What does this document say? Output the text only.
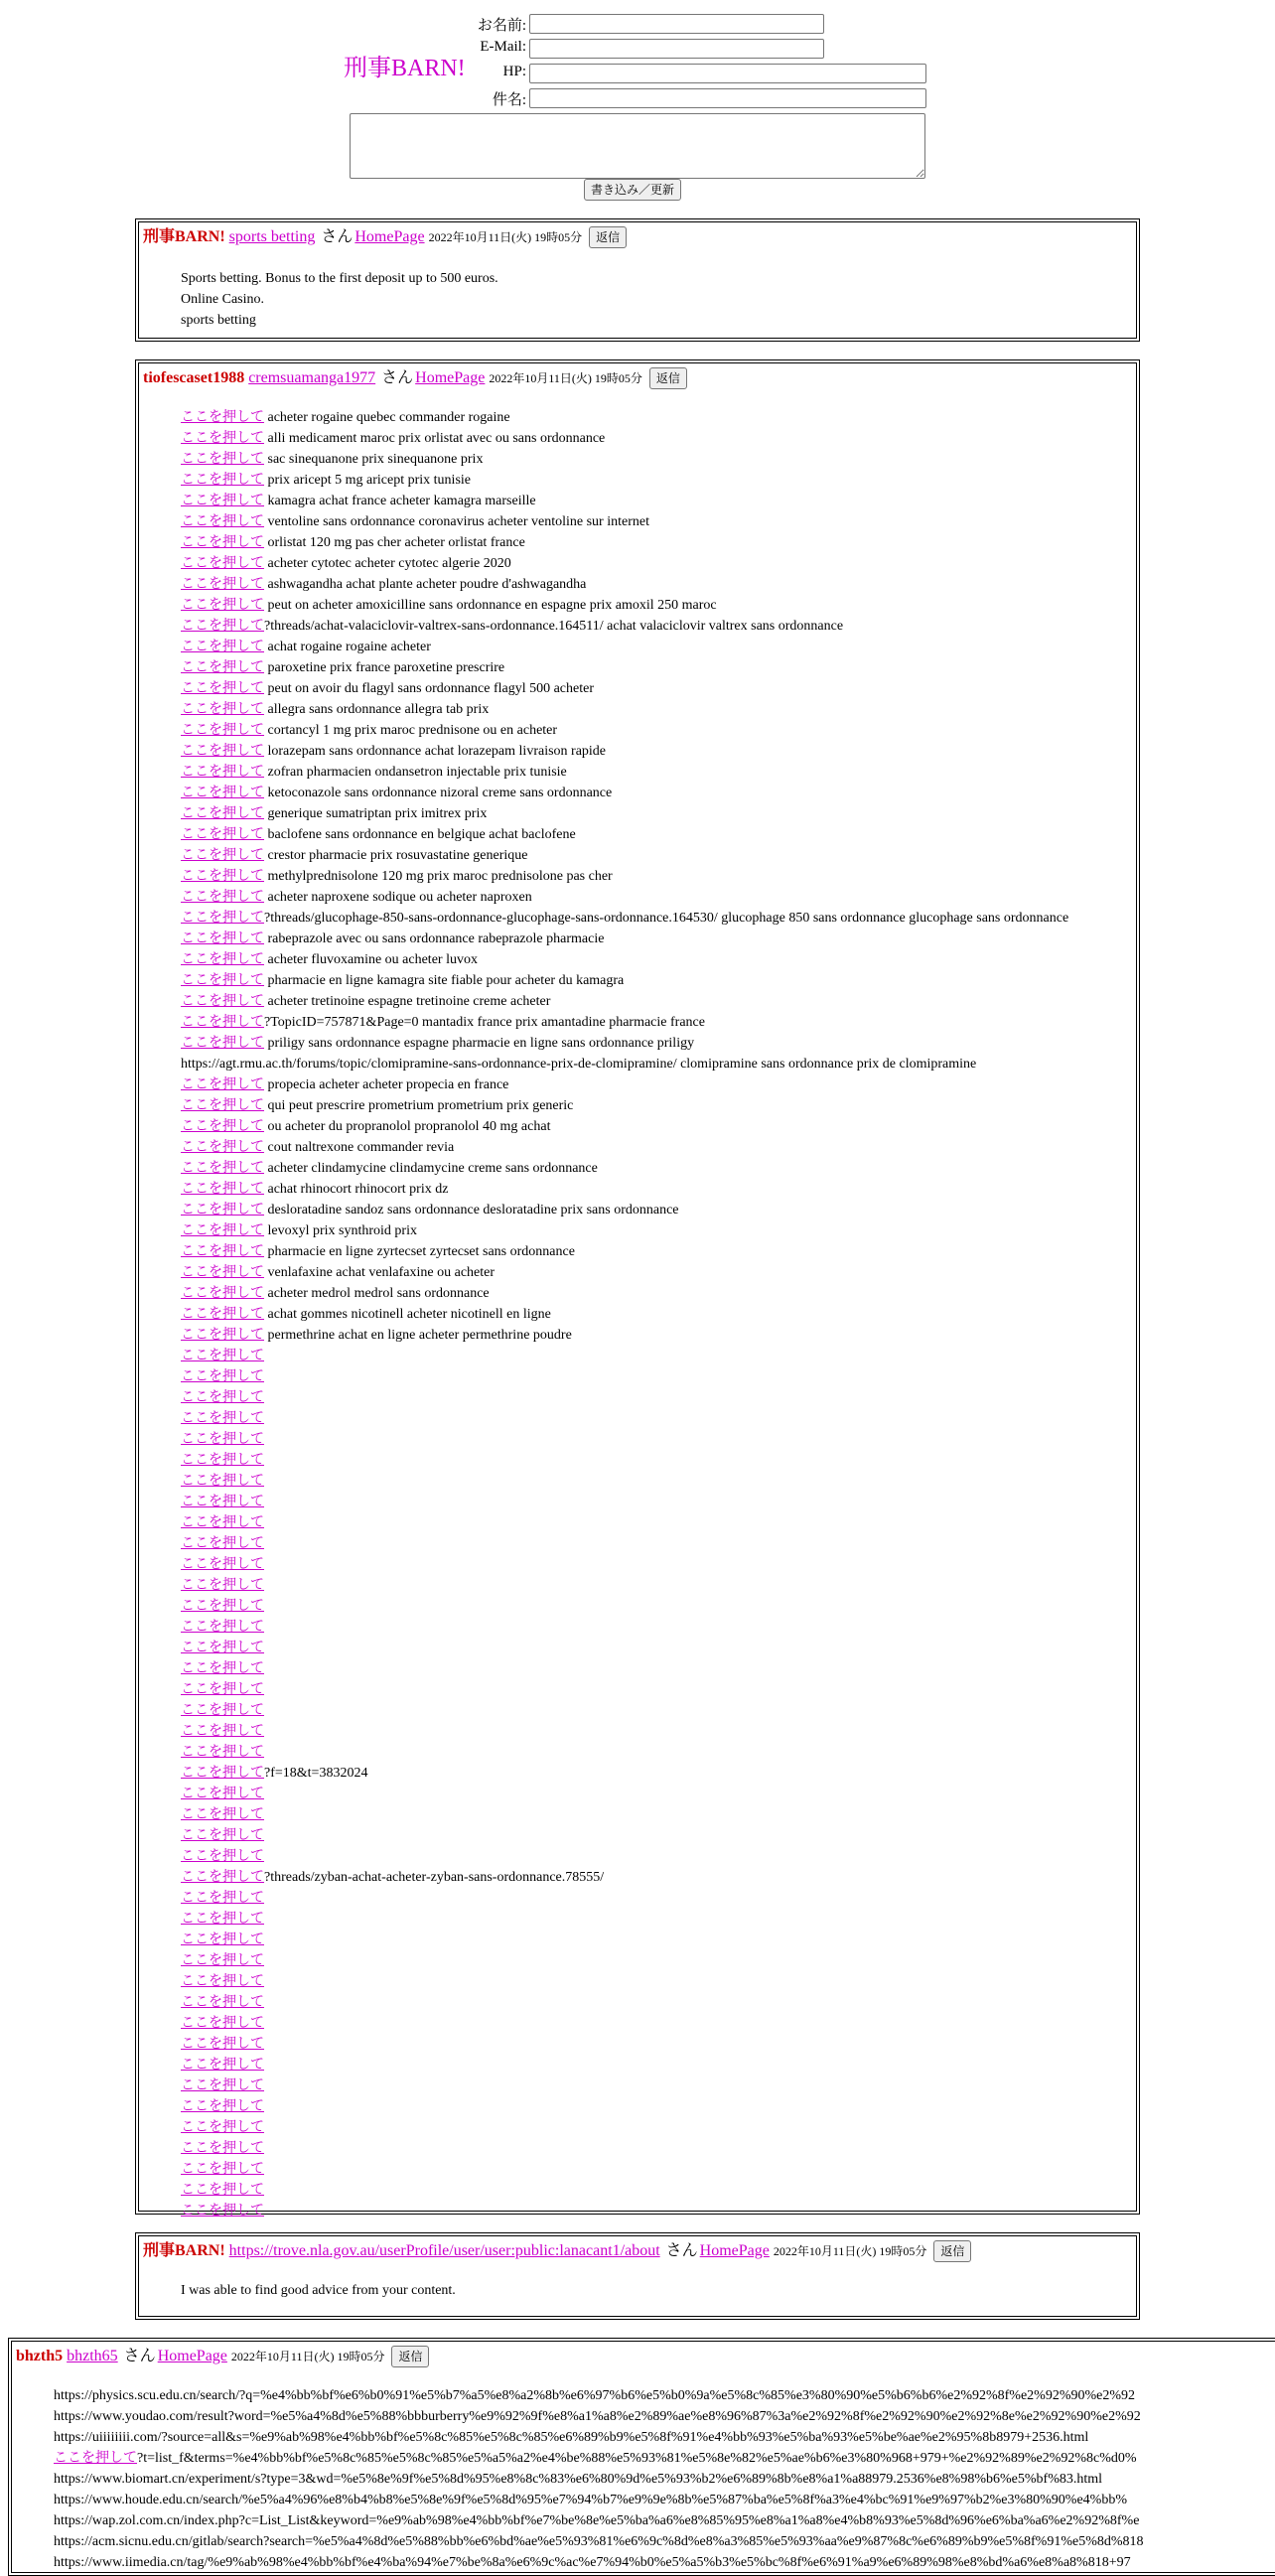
刑事BARN!
お名前:
E-Mail:
HP:
件名:
書き込み／更新
刑事BARN! sports betting さん HomePage 2022年10月11日(火) 19時05分 返信
Sports betting. Bonus to the first deposit up to 500 euros.
Online Casino.
sports betting
tiofescaset1988 cremsuamanga1977 さん HomePage 2022年10月11日(火) 19時05分 返信
ここを押して acheter rogaine quebec commander rogaine
ここを押して alli medicament maroc prix orlistat avec ou sans ordonnance
ここを押して sac sinequanone prix sinequanone prix
ここを押して prix aricept 5 mg aricept prix tunisie
ここを押して kamagra achat france acheter kamagra marseille
ここを押して ventoline sans ordonnance coronavirus acheter ventoline sur internet
ここを押して orlistat 120 mg pas cher acheter orlistat france
ここを押して acheter cytotec acheter cytotec algerie 2020
ここを押して ashwagandha achat plante acheter poudre d'ashwagandha
ここを押して peut on acheter amoxicilline sans ordonnance en espagne prix amoxil 250 maroc
ここを押して?threads/achat-valaciclovir-valtrex-sans-ordonnance.164511/ achat valaciclovir valtrex sans ordonnance
ここを押して achat rogaine rogaine acheter
ここを押して paroxetine prix france paroxetine prescrire
ここを押して peut on avoir du flagyl sans ordonnance flagyl 500 acheter
ここを押して allegra sans ordonnance allegra tab prix
ここを押して cortancyl 1 mg prix maroc prednisone ou en acheter
ここを押して lorazepam sans ordonnance achat lorazepam livraison rapide
ここを押して zofran pharmacien ondansetron injectable prix tunisie
ここを押して ketoconazole sans ordonnance nizoral creme sans ordonnance
ここを押して generique sumatriptan prix imitrex prix
ここを押して baclofene sans ordonnance en belgique achat baclofene
ここを押して crestor pharmacie prix rosuvastatine generique
ここを押して methylprednisolone 120 mg prix maroc prednisolone pas cher
ここを押して acheter naproxene sodique ou acheter naproxen
ここを押して?threads/glucophage-850-sans-ordonnance-glucophage-sans-ordonnance.164530/ glucophage 850 sans ordonnance glucophage sans ordonnance
ここを押して rabeprazole avec ou sans ordonnance rabeprazole pharmacie
ここを押して acheter fluvoxamine ou acheter luvox
ここを押して pharmacie en ligne kamagra site fiable pour acheter du kamagra
ここを押して acheter tretinoine espagne tretinoine creme acheter
ここを押して?TopicID=757871&Page=0 mantadix france prix amantadine pharmacie france
ここを押して priligy sans ordonnance espagne pharmacie en ligne sans ordonnance priligy
https://agt.rmu.ac.th/forums/topic/clomipramine-sans-ordonnance-prix-de-clomipramine/ clomipramine sans ordonnance prix de clomipramine
ここを押して propecia acheter acheter propecia en france
ここを押して qui peut prescrire prometrium prometrium prix generic
ここを押して ou acheter du propranolol propranolol 40 mg achat
ここを押して cout naltrexone commander revia
ここを押して acheter clindamycine clindamycine creme sans ordonnance
ここを押して achat rhinocort rhinocort prix dz
ここを押して desloratadine sandoz sans ordonnance desloratadine prix sans ordonnance
ここを押して levoxyl prix synthroid prix
ここを押して pharmacie en ligne zyrtecset zyrtecset sans ordonnance
ここを押して venlafaxine achat venlafaxine ou acheter
ここを押して acheter medrol medrol sans ordonnance
ここを押して achat gommes nicotinell acheter nicotinell en ligne
ここを押して permethrine achat en ligne acheter permethrine poudre
ここを押して
ここを押して
ここを押して
ここを押して
ここを押して
ここを押して
ここを押して
ここを押して
ここを押して
ここを押して
ここを押して
ここを押して
ここを押して
ここを押して
ここを押して
ここを押して
ここを押して
ここを押して
ここを押して
ここを押して
ここを押して?f=18&t=3832024
ここを押して
ここを押して
ここを押して
ここを押して
ここを押して?threads/zyban-achat-acheter-zyban-sans-ordonnance.78555/
ここを押して
ここを押して
ここを押して
ここを押して
ここを押して
ここを押して
ここを押して
ここを押して
ここを押して
ここを押して
ここを押して
ここを押して
ここを押して
ここを押して
ここを押して
ここを押して
刑事BARN! https://trove.nla.gov.au/userProfile/user/user:public:lanacant1/about さん HomePage 2022年10月11日(火) 19時05分 返信
I was able to find good advice from your content.
bhzth5 bhzth65 さん HomePage 2022年10月11日(火) 19時05分 返信
https://physics.scu.edu.cn/search/?q=%e4%bb%bf%e6%b0%91%e5%b7%a5%e8%a2%8b%e6%97%b6%e5%b0%9a%e5%8c%85%e3%80%90%e5%b6%b6%e2%92%8f%e2%92%90%e2%92
https://www.youdao.com/result?word=%e5%a4%8d%e5%88%bbburberry%e9%92%9f%e8%a1%a8%e2%89%ae%e8%96%87%3a%e2%92%8f%e2%92%90%e2%92%8e%e2%92%90%e2%92
https://uiiiiiiii.com/?source=all&s=%e9%ab%98%e4%bb%bf%e5%8c%85%e5%8c%85%e6%89%b9%e5%8f%91%e4%bb%93%e5%ba%93%e5%be%ae%e2%95%8b8979+2536.html
ここを押して?t=list_f&terms=%e4%bb%bf%e5%8c%85%e5%8c%85%e5%a5%a2%e4%be%88%e5%93%81%e5%8e%82%e5%ae%b6%e3%80%968+979+%e2%92%89%e2%92%8c%d0%
https://www.biomart.cn/experiment/s?type=3&wd=%e5%8e%9f%e5%8d%95%e8%8c%83%e6%80%9d%e5%93%b2%e6%89%8b%e8%a1%a88979.2536%e8%98%b6%e5%bf%83.html
https://www.houde.edu.cn/search/%e5%a4%96%e8%b4%b8%e5%8e%9f%e5%8d%95%e7%94%b7%e9%9e%8b%e5%87%ba%e5%8f%a3%e4%bc%91%e9%97%b2%e3%80%90%e4%bb%
https://wap.zol.com.cn/index.php?c=List_List&keyword=%e9%ab%98%e4%bb%bf%e7%be%8e%e5%ba%a6%e8%85%95%e8%a1%a8%e4%b8%93%e5%8d%96%e6%ba%a6%e2%92%8f%e
https://acm.sicnu.edu.cn/gitlab/search?search=%e5%a4%8d%e5%88%bb%e6%bd%ae%e5%93%81%e6%9c%8d%e8%a3%85%e5%93%aa%e9%87%8c%e6%89%b9%e5%8f%91%e5%8d%818
https://www.iimedia.cn/tag/%e9%ab%98%e4%bb%bf%e4%ba%94%e7%be%8a%e6%9c%ac%e7%94%b0%e5%a5%b3%e5%bc%8f%e6%91%a9%e6%89%98%e8%bd%a6%e8%a8%818+97
